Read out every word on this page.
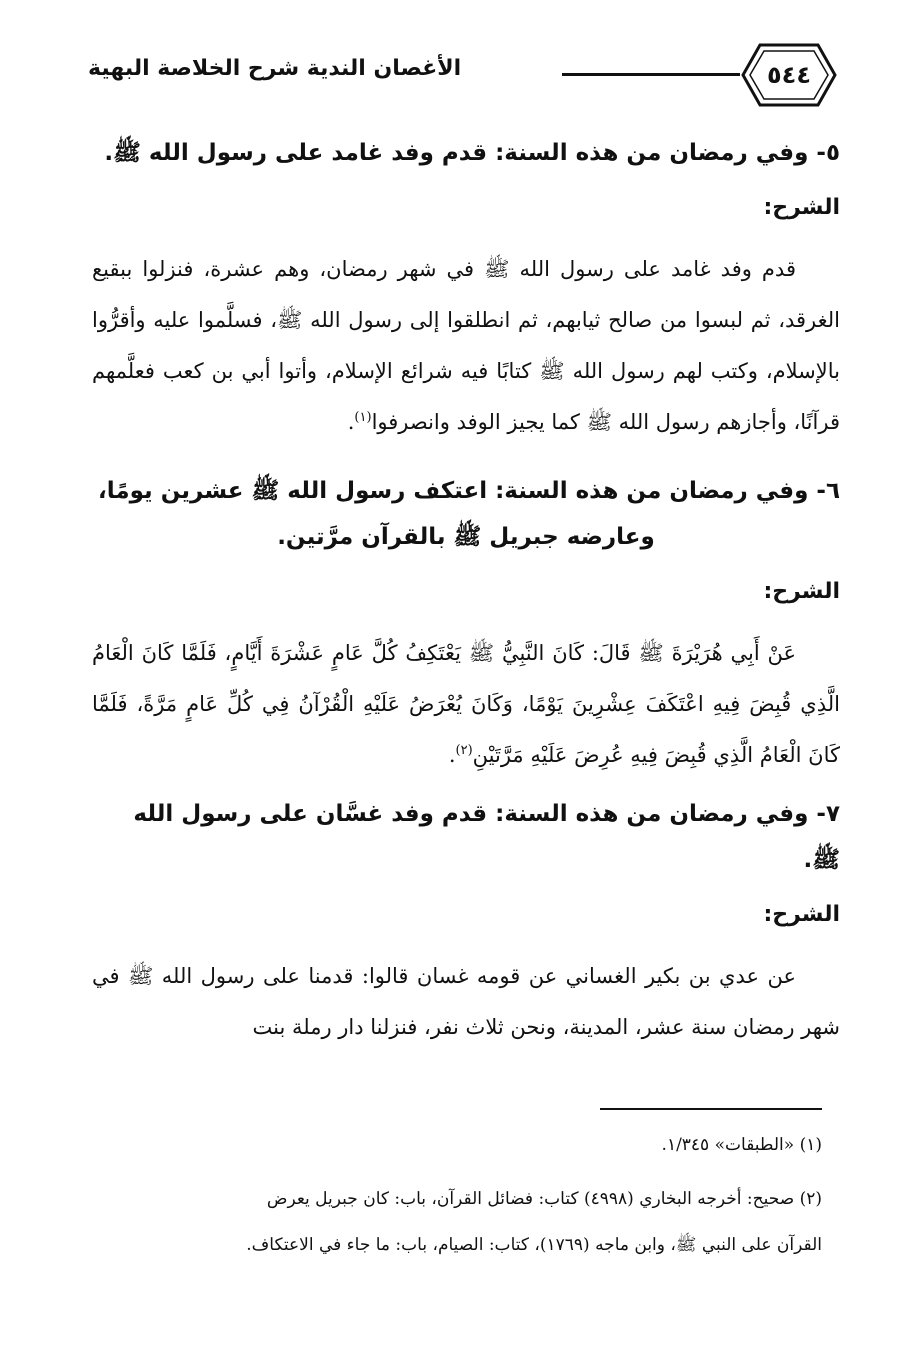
٥٤٤
الأغصان الندية شرح الخلاصة البهية

٥- وفي رمضان من هذه السنة: قدم وفد غامد على رسول الله ﷺ.

الشرح:

قدم وفد غامد على رسول الله ﷺ في شهر رمضان، وهم عشرة، فنزلوا ببقيع الغرقد، ثم لبسوا من صالح ثيابهم، ثم انطلقوا إلى رسول الله ﷺ، فسلَّموا عليه وأقرُّوا بالإسلام، وكتب لهم رسول الله ﷺ كتابًا فيه شرائع الإسلام، وأتوا أبي بن كعب فعلَّمهم قرآنًا، وأجازهم رسول الله ﷺ كما يجيز الوفد وانصرفوا$^{(١)}$.

٦- وفي رمضان من هذه السنة: اعتكف رسول الله ﷺ عشرين يومًا،

وعارضه جبريل ﷺ بالقرآن مرَّتين.

الشرح:

عَنْ أَبِي هُرَيْرَةَ ﷺ قَالَ: كَانَ النَّبِيُّ ﷺ يَعْتَكِفُ كُلَّ عَامٍ عَشْرَةَ أَيَّامٍ، فَلَمَّا كَانَ الْعَامُ الَّذِي قُبِضَ فِيهِ اعْتَكَفَ عِشْرِينَ يَوْمًا، وَكَانَ يُعْرَضُ عَلَيْهِ الْقُرْآنُ فِي كُلِّ عَامٍ مَرَّةً، فَلَمَّا كَانَ الْعَامُ الَّذِي قُبِضَ فِيهِ عُرِضَ عَلَيْهِ مَرَّتَيْنِ$^{(٢)}$.

٧- وفي رمضان من هذه السنة: قدم وفد غسَّان على رسول الله ﷺ.

الشرح:

عن عدي بن بكير الغساني عن قومه غسان قالوا: قدمنا على رسول الله ﷺ في شهر رمضان سنة عشر، المدينة، ونحن ثلاث نفر، فنزلنا دار رملة بنت

(١) «الطبقات» ١/٣٤٥.

(٢) صحيح: أخرجه البخاري (٤٩٩٨) كتاب: فضائل القرآن، باب: كان جبريل يعرض
القرآن على النبي ﷺ، وابن ماجه (١٧٦٩)، كتاب: الصيام، باب: ما جاء في الاعتكاف.
